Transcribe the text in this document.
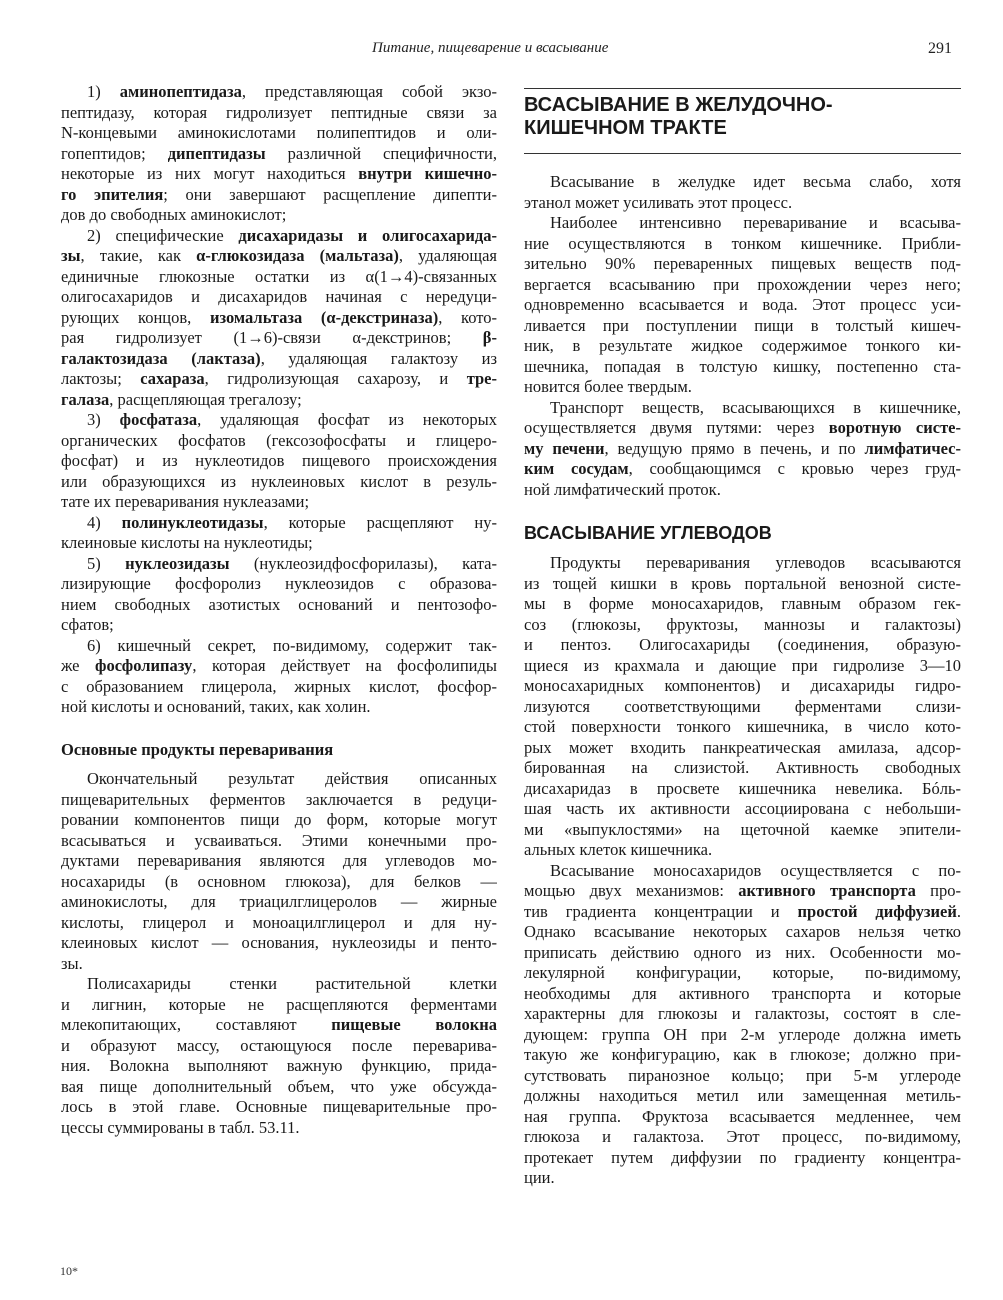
Питание, пищеварение и всасывание	291

1) аминопептидаза, представляющая собой экзо-

пептидазу, которая гидролизует пептидные связи за

N-концевыми аминокислотами полипептидов и оли-

гопептидов; дипептидазы различной специфичности,

некоторые из них могут находиться внутри кишечно-

го эпителия; они завершают расщепление дипепти-

дов до свободных аминокислот;

2) специфические дисахаридазы и олигосахарида-

зы, такие, как α-глюкозидаза (мальтаза), удаляющая

единичные глюкозные остатки из α(1→4)-связанных

олигосахаридов и дисахаридов начиная с нередуци-

рующих концов, изомальтаза (α-декстриназа), кото-

рая гидролизует (1→6)-связи α-декстринов; β-

галактозидаза (лактаза), удаляющая галактозу из

лактозы; сахараза, гидролизующая сахарозу, и тре-

галаза, расщепляющая трегалозу;

3) фосфатаза, удаляющая фосфат из некоторых

органических фосфатов (гексозофосфаты и глицеро-

фосфат) и из нуклеотидов пищевого происхождения

или образующихся из нуклеиновых кислот в резуль-

тате их переваривания нуклеазами;

4) полинуклеотидазы, которые расщепляют ну-

клеиновые кислоты на нуклеотиды;

5) нуклеозидазы (нуклеозидфосфорилазы), ката-

лизирующие фосфоролиз нуклеозидов с образова-

нием свободных азотистых оснований и пентозофо-

сфатов;

6) кишечный секрет, по-видимому, содержит так-

же фосфолипазу, которая действует на фосфолипиды

с образованием глицерола, жирных кислот, фосфор-

ной кислоты и оснований, таких, как холин.

Основные продукты переваривания

Окончательный результат действия описанных

пищеварительных ферментов заключается в редуци-

ровании компонентов пищи до форм, которые могут

всасываться и усваиваться. Этими конечными про-

дуктами переваривания являются для углеводов мо-

носахариды (в основном глюкоза), для белков —

аминокислоты, для триацилглицеролов — жирные

кислоты, глицерол и моноацилглицерол и для ну-

клеиновых кислот — основания, нуклеозиды и пенто-

зы.

Полисахариды стенки растительной клетки

и лигнин, которые не расщепляются ферментами

млекопитающих, составляют пищевые волокна

и образуют массу, остающуюся после переварива-

ния. Волокна выполняют важную функцию, прида-

вая пище дополнительный объем, что уже обсужда-

лось в этой главе. Основные пищеварительные про-

цессы суммированы в табл. 53.11.

ВСАСЫВАНИЕ В ЖЕЛУДОЧНО-

КИШЕЧНОМ ТРАКТЕ

Всасывание в желудке идет весьма слабо, хотя

этанол может усиливать этот процесс.

Наиболее интенсивно переваривание и всасыва-

ние осуществляются в тонком кишечнике. Прибли-

зительно 90% переваренных пищевых веществ под-

вергается всасыванию при прохождении через него;

одновременно всасывается и вода. Этот процесс уси-

ливается при поступлении пищи в толстый кишеч-

ник, в результате жидкое содержимое тонкого ки-

шечника, попадая в толстую кишку, постепенно ста-

новится более твердым.

Транспорт веществ, всасывающихся в кишечнике,

осуществляется двумя путями: через воротную систе-

му печени, ведущую прямо в печень, и по лимфатичес-

ким сосудам, сообщающимся с кровью через груд-

ной лимфатический проток.

ВСАСЫВАНИЕ УГЛЕВОДОВ

Продукты переваривания углеводов всасываются

из тощей кишки в кровь портальной венозной систе-

мы в форме моносахаридов, главным образом гек-

соз (глюкозы, фруктозы, маннозы и галактозы)

и пентоз. Олигосахариды (соединения, образую-

щиеся из крахмала и дающие при гидролизе 3—10

моносахаридных компонентов) и дисахариды гидро-

лизуются соответствующими ферментами слизи-

стой поверхности тонкого кишечника, в число кото-

рых может входить панкреатическая амилаза, адсор-

бированная на слизистой. Активность свободных

дисахаридаз в просвете кишечника невелика. Бóль-

шая часть их активности ассоциирована с небольши-

ми «выпуклостями» на щеточной каемке эпители-

альных клеток кишечника.

Всасывание моносахаридов осуществляется с по-

мощью двух механизмов: активного транспорта про-

тив градиента концентрации и простой диффузией.

Однако всасывание некоторых сахаров нельзя четко

приписать действию одного из них. Особенности мо-

лекулярной конфигурации, которые, по-видимому,

необходимы для активного транспорта и которые

характерны для глюкозы и галактозы, состоят в сле-

дующем: группа ОН при 2-м углероде должна иметь

такую же конфигурацию, как в глюкозе; должно при-

сутствовать пиранозное кольцо; при 5-м углероде

должны находиться метил или замещенная метиль-

ная группа. Фруктоза всасывается медленнее, чем

глюкоза и галактоза. Этот процесс, по-видимому,

протекает путем диффузии по градиенту концентра-

ции.

10*
